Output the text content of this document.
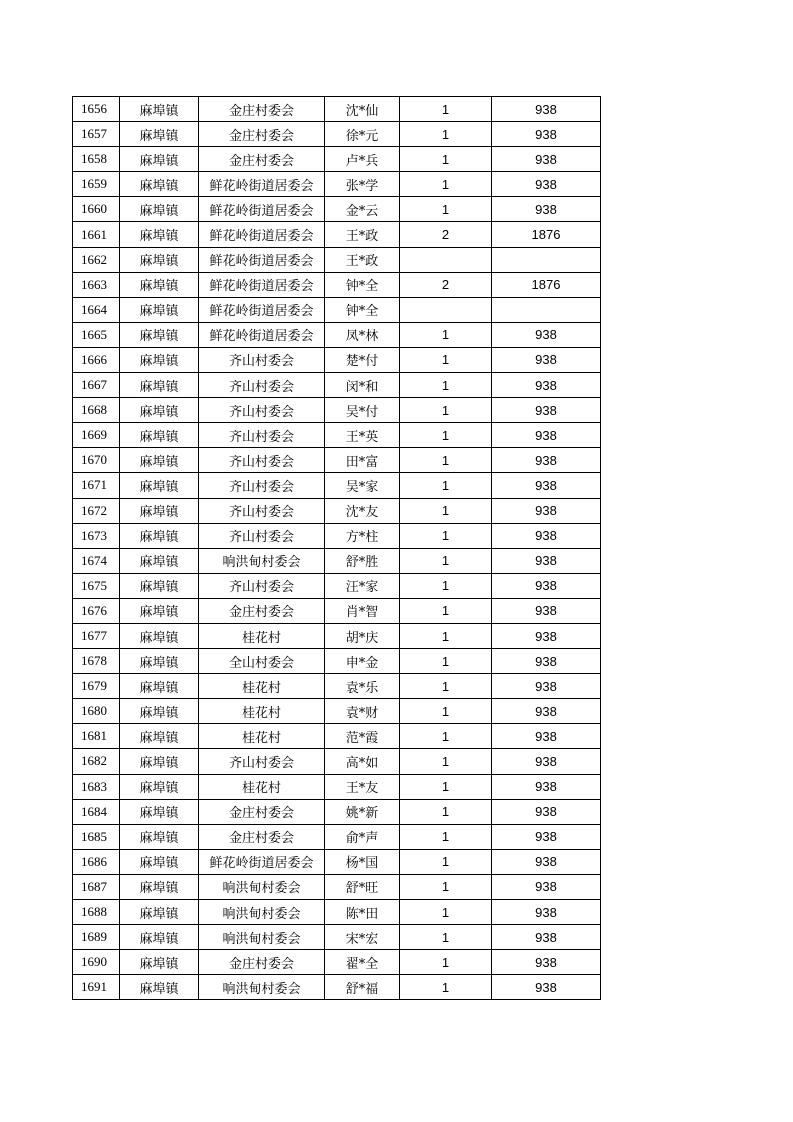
1656	麻埠镇	金庄村委会	沈*仙	1	938
1657	麻埠镇	金庄村委会	徐*元	1	938
1658	麻埠镇	金庄村委会	卢*兵	1	938
1659	麻埠镇	鲜花岭街道居委会	张*学	1	938
1660	麻埠镇	鲜花岭街道居委会	金*云	1	938
1661	麻埠镇	鲜花岭街道居委会	王*政	2	1876
1662	麻埠镇	鲜花岭街道居委会	王*政		
1663	麻埠镇	鲜花岭街道居委会	钟*全	2	1876
1664	麻埠镇	鲜花岭街道居委会	钟*全		
1665	麻埠镇	鲜花岭街道居委会	凤*林	1	938
1666	麻埠镇	齐山村委会	楚*付	1	938
1667	麻埠镇	齐山村委会	闵*和	1	938
1668	麻埠镇	齐山村委会	吴*付	1	938
1669	麻埠镇	齐山村委会	王*英	1	938
1670	麻埠镇	齐山村委会	田*富	1	938
1671	麻埠镇	齐山村委会	吴*家	1	938
1672	麻埠镇	齐山村委会	沈*友	1	938
1673	麻埠镇	齐山村委会	方*柱	1	938
1674	麻埠镇	响洪甸村委会	舒*胜	1	938
1675	麻埠镇	齐山村委会	汪*家	1	938
1676	麻埠镇	金庄村委会	肖*智	1	938
1677	麻埠镇	桂花村	胡*庆	1	938
1678	麻埠镇	全山村委会	申*金	1	938
1679	麻埠镇	桂花村	袁*乐	1	938
1680	麻埠镇	桂花村	袁*财	1	938
1681	麻埠镇	桂花村	范*霞	1	938
1682	麻埠镇	齐山村委会	高*如	1	938
1683	麻埠镇	桂花村	王*友	1	938
1684	麻埠镇	金庄村委会	姚*新	1	938
1685	麻埠镇	金庄村委会	俞*声	1	938
1686	麻埠镇	鲜花岭街道居委会	杨*国	1	938
1687	麻埠镇	响洪甸村委会	舒*旺	1	938
1688	麻埠镇	响洪甸村委会	陈*田	1	938
1689	麻埠镇	响洪甸村委会	宋*宏	1	938
1690	麻埠镇	金庄村委会	翟*全	1	938
1691	麻埠镇	响洪甸村委会	舒*福	1	938
